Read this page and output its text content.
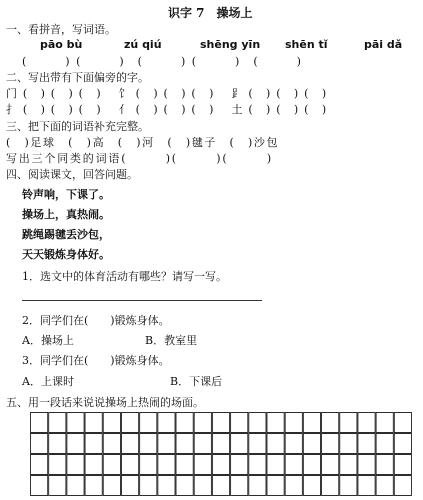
识字 7　操场上
一、看拼音，写词语。
pāo bù	zú qiú	shēng yīn shēn tǐ	pāi dǎ
(　　　) (　　　)　(　　　) (　　　)　(　　　)
二、写出带有下面偏旁的字。
门 (　) (　) (　)　 饣 (　) (　) (　)　 ⻊ (　) (　) (　)
扌 (　) (　) (　)　 亻 (　) (　) (　)　 土 (　) (　) (　)
三、把下面的词语补充完整。
(　)足球　(　)高　(　)河　(　)毽子　(　)沙包
写出三个同类的词语(　　　)(　　　)(　　　)
四、阅读课文，回答问题。
铃声响，下课了。
操场上，真热闹。
跳绳踢毽丢沙包，
天天锻炼身体好。
1．选文中的体育活动有哪些？请写一写。
2．同学们在(　　)锻炼身体。
A．操场上	B．教室里
3．同学们在(　　)锻炼身体。
A．上课时
五、用一段话来说说操场上热闹的场面。
B．下课后
